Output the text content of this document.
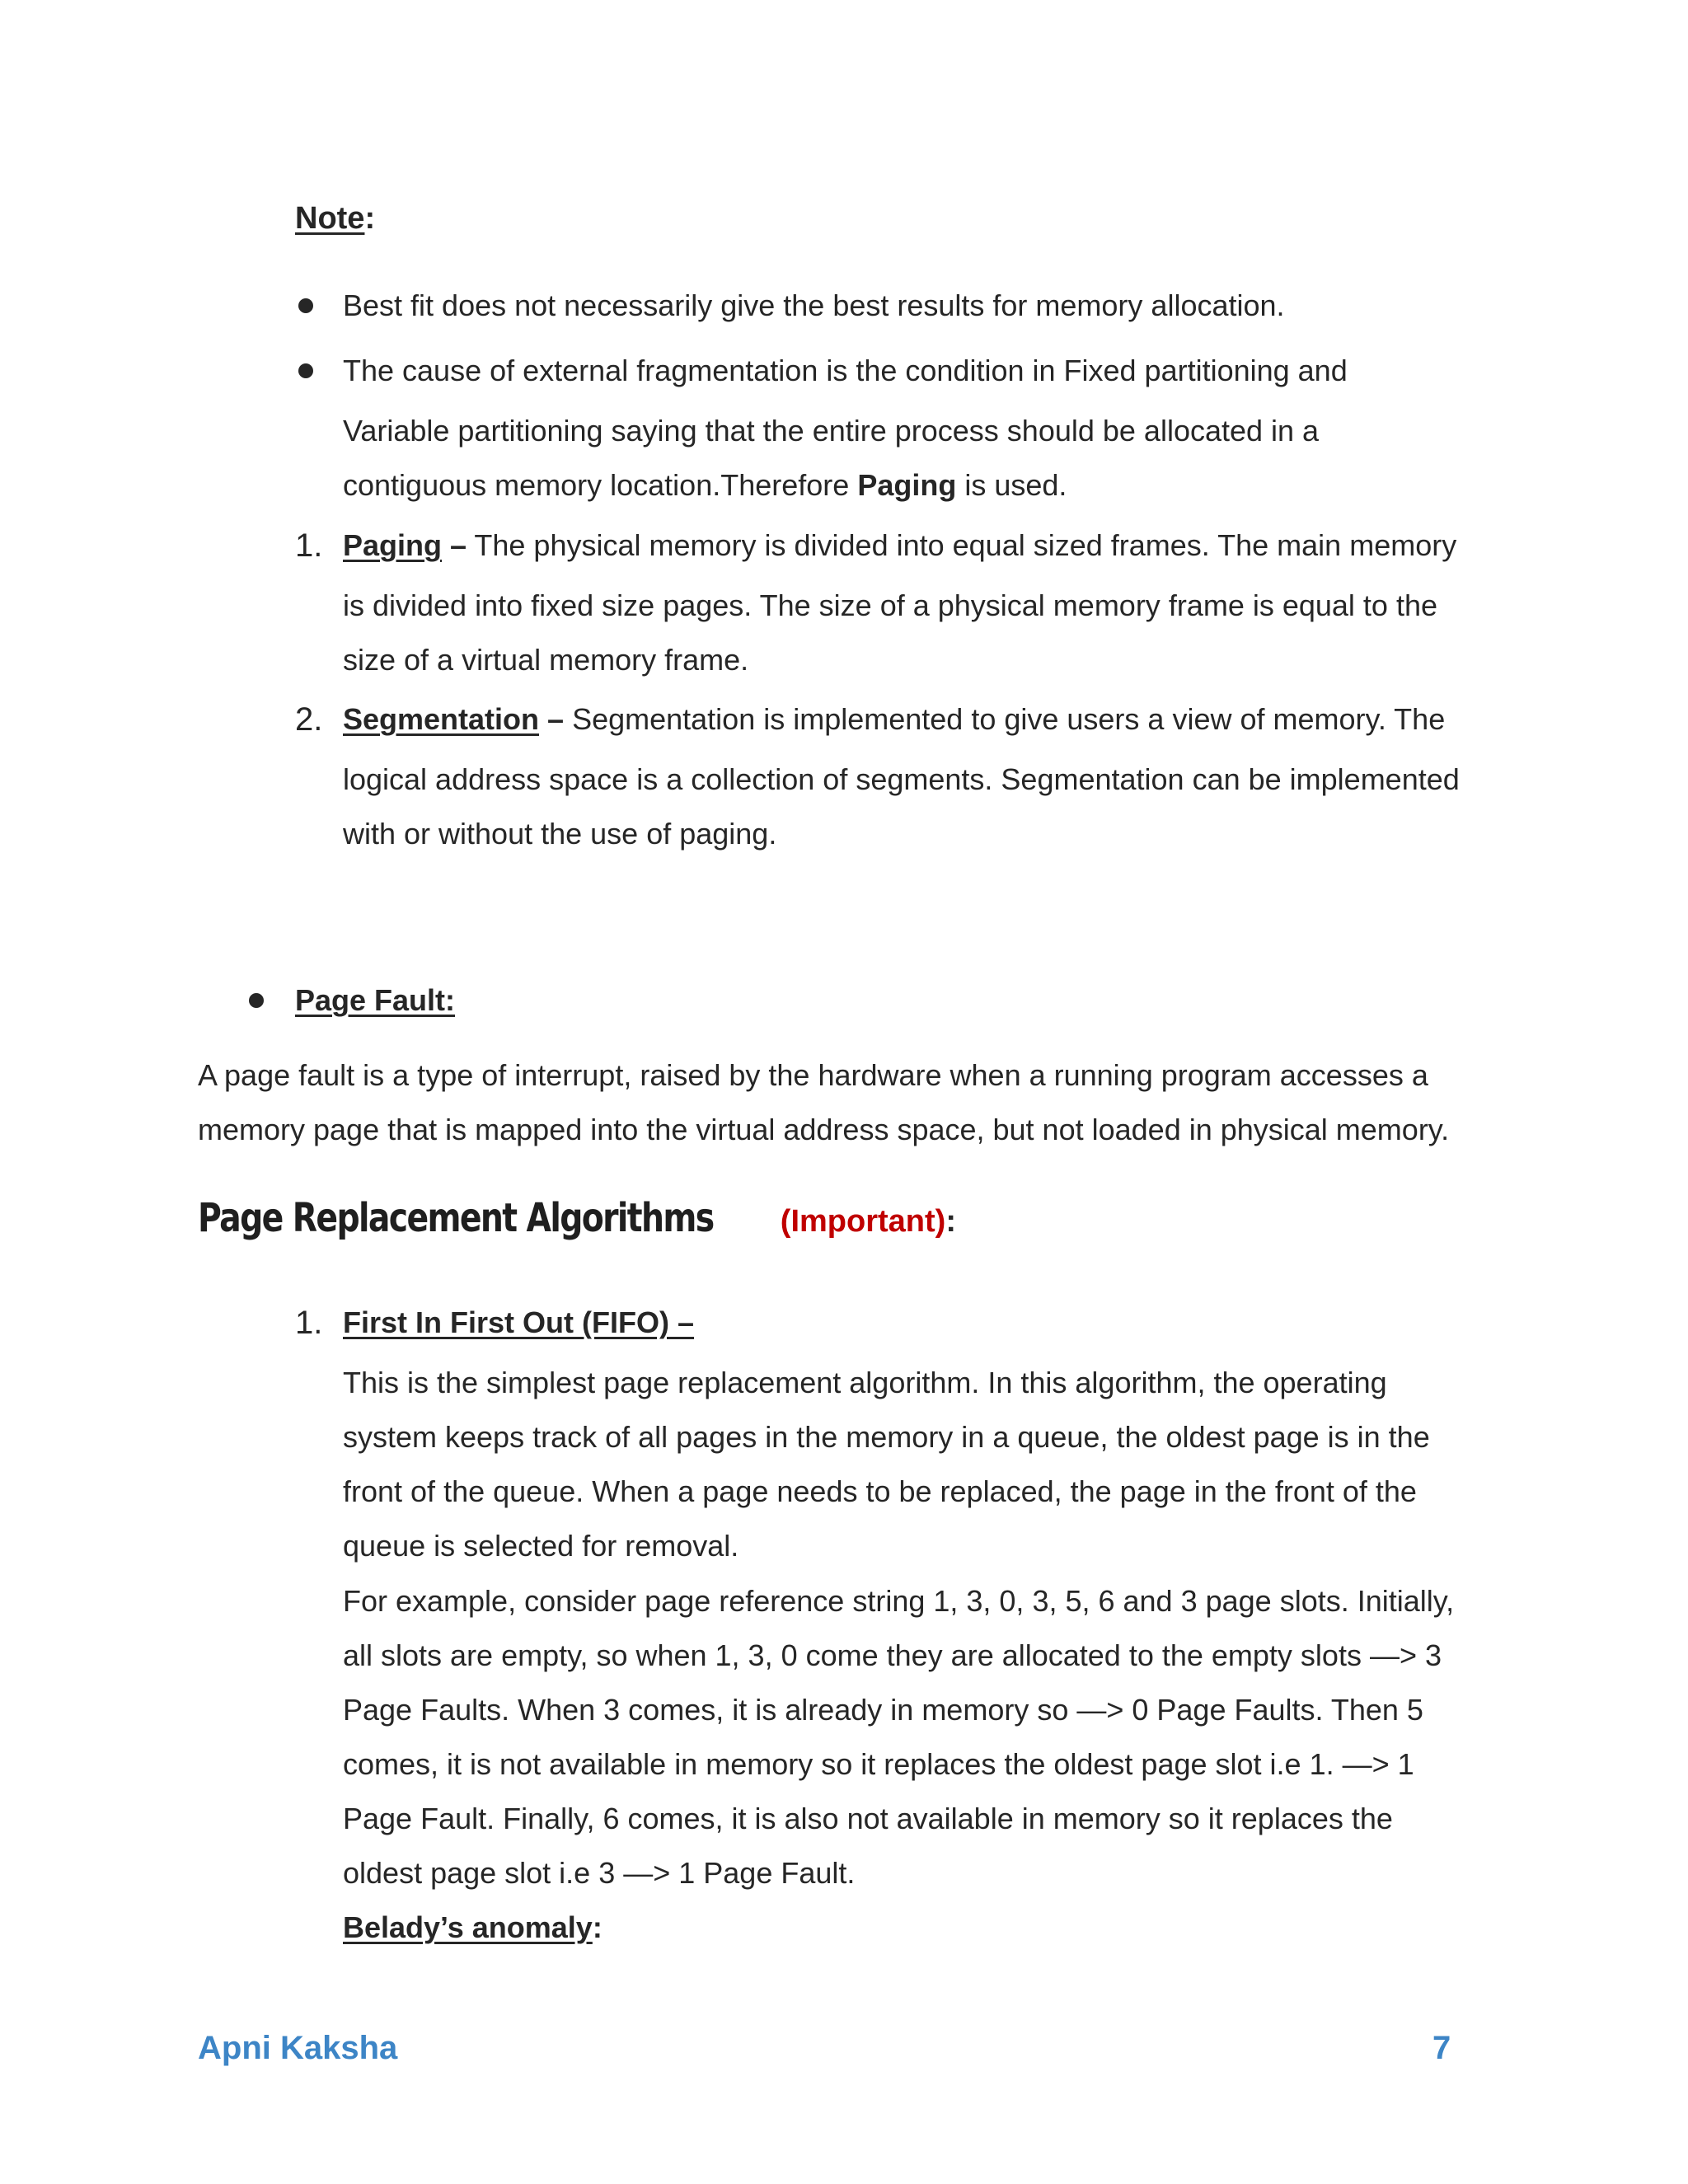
Note:
Best fit does not necessarily give the best results for memory allocation.
The cause of external fragmentation is the condition in Fixed partitioning and
Variable partitioning saying that the entire process should be allocated in a
contiguous memory location.Therefore Paging is used.
1. Paging – The physical memory is divided into equal sized frames. The main memory
is divided into fixed size pages. The size of a physical memory frame is equal to the
size of a virtual memory frame.
2. Segmentation – Segmentation is implemented to give users a view of memory. The
logical address space is a collection of segments. Segmentation can be implemented
with or without the use of paging.
Page Fault:
A page fault is a type of interrupt, raised by the hardware when a running program accesses a
memory page that is mapped into the virtual address space, but not loaded in physical memory.
Page Replacement Algorithms (Important):
1. First In First Out (FIFO) –
This is the simplest page replacement algorithm. In this algorithm, the operating
system keeps track of all pages in the memory in a queue, the oldest page is in the
front of the queue. When a page needs to be replaced, the page in the front of the
queue is selected for removal.
For example, consider page reference string 1, 3, 0, 3, 5, 6 and 3 page slots. Initially,
all slots are empty, so when 1, 3, 0 come they are allocated to the empty slots —> 3
Page Faults. When 3 comes, it is already in memory so —> 0 Page Faults. Then 5
comes, it is not available in memory so it replaces the oldest page slot i.e 1. —> 1
Page Fault. Finally, 6 comes, it is also not available in memory so it replaces the
oldest page slot i.e 3 —> 1 Page Fault.
Belady’s anomaly:
Apni Kaksha	7
